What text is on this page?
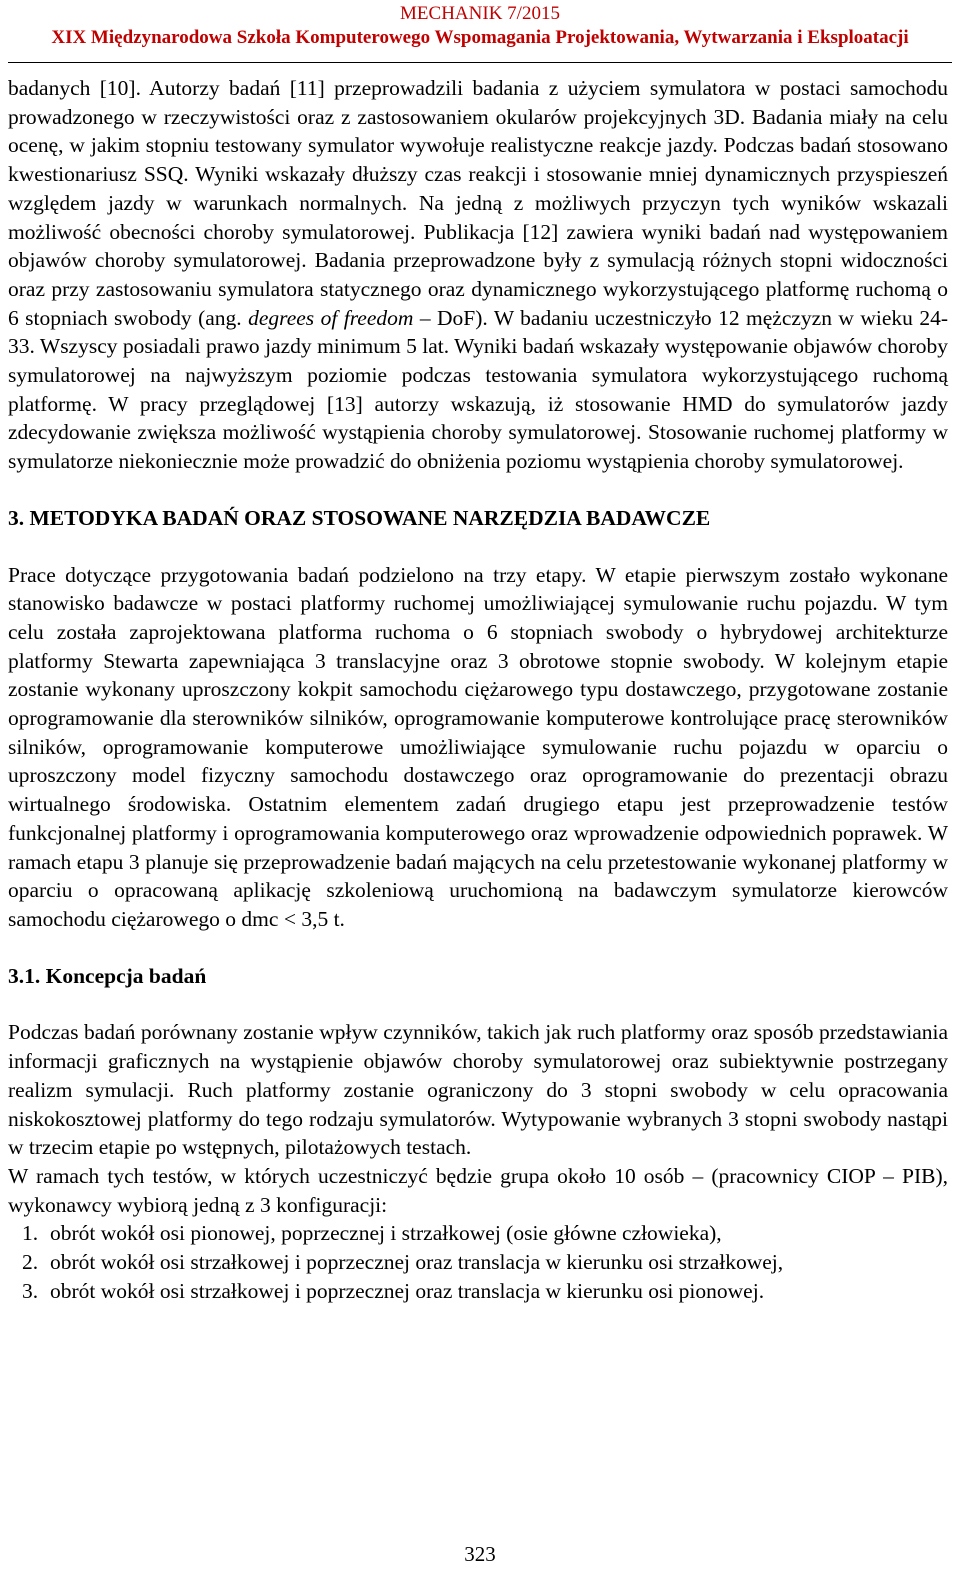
MECHANIK 7/2015
XIX Międzynarodowa Szkoła Komputerowego Wspomagania Projektowania, Wytwarzania i Eksploatacji

badanych [10]. Autorzy badań [11] przeprowadzili badania z użyciem symulatora w postaci samochodu prowadzonego w rzeczywistości oraz z zastosowaniem okularów projekcyjnych 3D. Badania miały na celu ocenę, w jakim stopniu testowany symulator wywołuje realistyczne reakcje jazdy. Podczas badań stosowano kwestionariusz SSQ. Wyniki wskazały dłuższy czas reakcji i stosowanie mniej dynamicznych przyspieszeń względem jazdy w warunkach normalnych. Na jedną z możliwych przyczyn tych wyników wskazali możliwość obecności choroby symulatorowej. Publikacja [12] zawiera wyniki badań nad występowaniem objawów choroby symulatorowej. Badania przeprowadzone były z symulacją różnych stopni widoczności oraz przy zastosowaniu symulatora statycznego oraz dynamicznego wykorzystującego platformę ruchomą o 6 stopniach swobody (ang. degrees of freedom – DoF). W badaniu uczestniczyło 12 mężczyzn w wieku 24-33. Wszyscy posiadali prawo jazdy minimum 5 lat. Wyniki badań wskazały występowanie objawów choroby symulatorowej na najwyższym poziomie podczas testowania symulatora wykorzystującego ruchomą platformę. W pracy przeglądowej [13] autorzy wskazują, iż stosowanie HMD do symulatorów jazdy zdecydowanie zwiększa możliwość wystąpienia choroby symulatorowej. Stosowanie ruchomej platformy w symulatorze niekoniecznie może prowadzić do obniżenia poziomu wystąpienia choroby symulatorowej.

3. METODYKA BADAŃ ORAZ STOSOWANE NARZĘDZIA BADAWCZE

Prace dotyczące przygotowania badań podzielono na trzy etapy. W etapie pierwszym zostało wykonane stanowisko badawcze w postaci platformy ruchomej umożliwiającej symulowanie ruchu pojazdu. W tym celu została zaprojektowana platforma ruchoma o 6 stopniach swobody o hybrydowej architekturze platformy Stewarta zapewniająca 3 translacyjne oraz 3 obrotowe stopnie swobody. W kolejnym etapie zostanie wykonany uproszczony kokpit samochodu ciężarowego typu dostawczego, przygotowane zostanie oprogramowanie dla sterowników silników, oprogramowanie komputerowe kontrolujące pracę sterowników silników, oprogramowanie komputerowe umożliwiające symulowanie ruchu pojazdu w oparciu o uproszczony model fizyczny samochodu dostawczego oraz oprogramowanie do prezentacji obrazu wirtualnego środowiska. Ostatnim elementem zadań drugiego etapu jest przeprowadzenie testów funkcjonalnej platformy i oprogramowania komputerowego oraz wprowadzenie odpowiednich poprawek. W ramach etapu 3 planuje się przeprowadzenie badań mających na celu przetestowanie wykonanej platformy w oparciu o opracowaną aplikację szkoleniową uruchomioną na badawczym symulatorze kierowców samochodu ciężarowego o dmc < 3,5 t.

3.1. Koncepcja badań

Podczas badań porównany zostanie wpływ czynników, takich jak ruch platformy oraz sposób przedstawiania informacji graficznych na wystąpienie objawów choroby symulatorowej oraz subiektywnie postrzegany realizm symulacji. Ruch platformy zostanie ograniczony do 3 stopni swobody w celu opracowania niskokosztowej platformy do tego rodzaju symulatorów. Wytypowanie wybranych 3 stopni swobody nastąpi w trzecim etapie po wstępnych, pilotażowych testach.

W ramach tych testów, w których uczestniczyć będzie grupa około 10 osób – (pracownicy CIOP – PIB), wykonawcy wybiorą jedną z 3 konfiguracji:

1. obrót wokół osi pionowej, poprzecznej i strzałkowej (osie główne człowieka),
2. obrót wokół osi strzałkowej i poprzecznej oraz translacja w kierunku osi strzałkowej,
3. obrót wokół osi strzałkowej i poprzecznej oraz translacja w kierunku osi pionowej.
323
